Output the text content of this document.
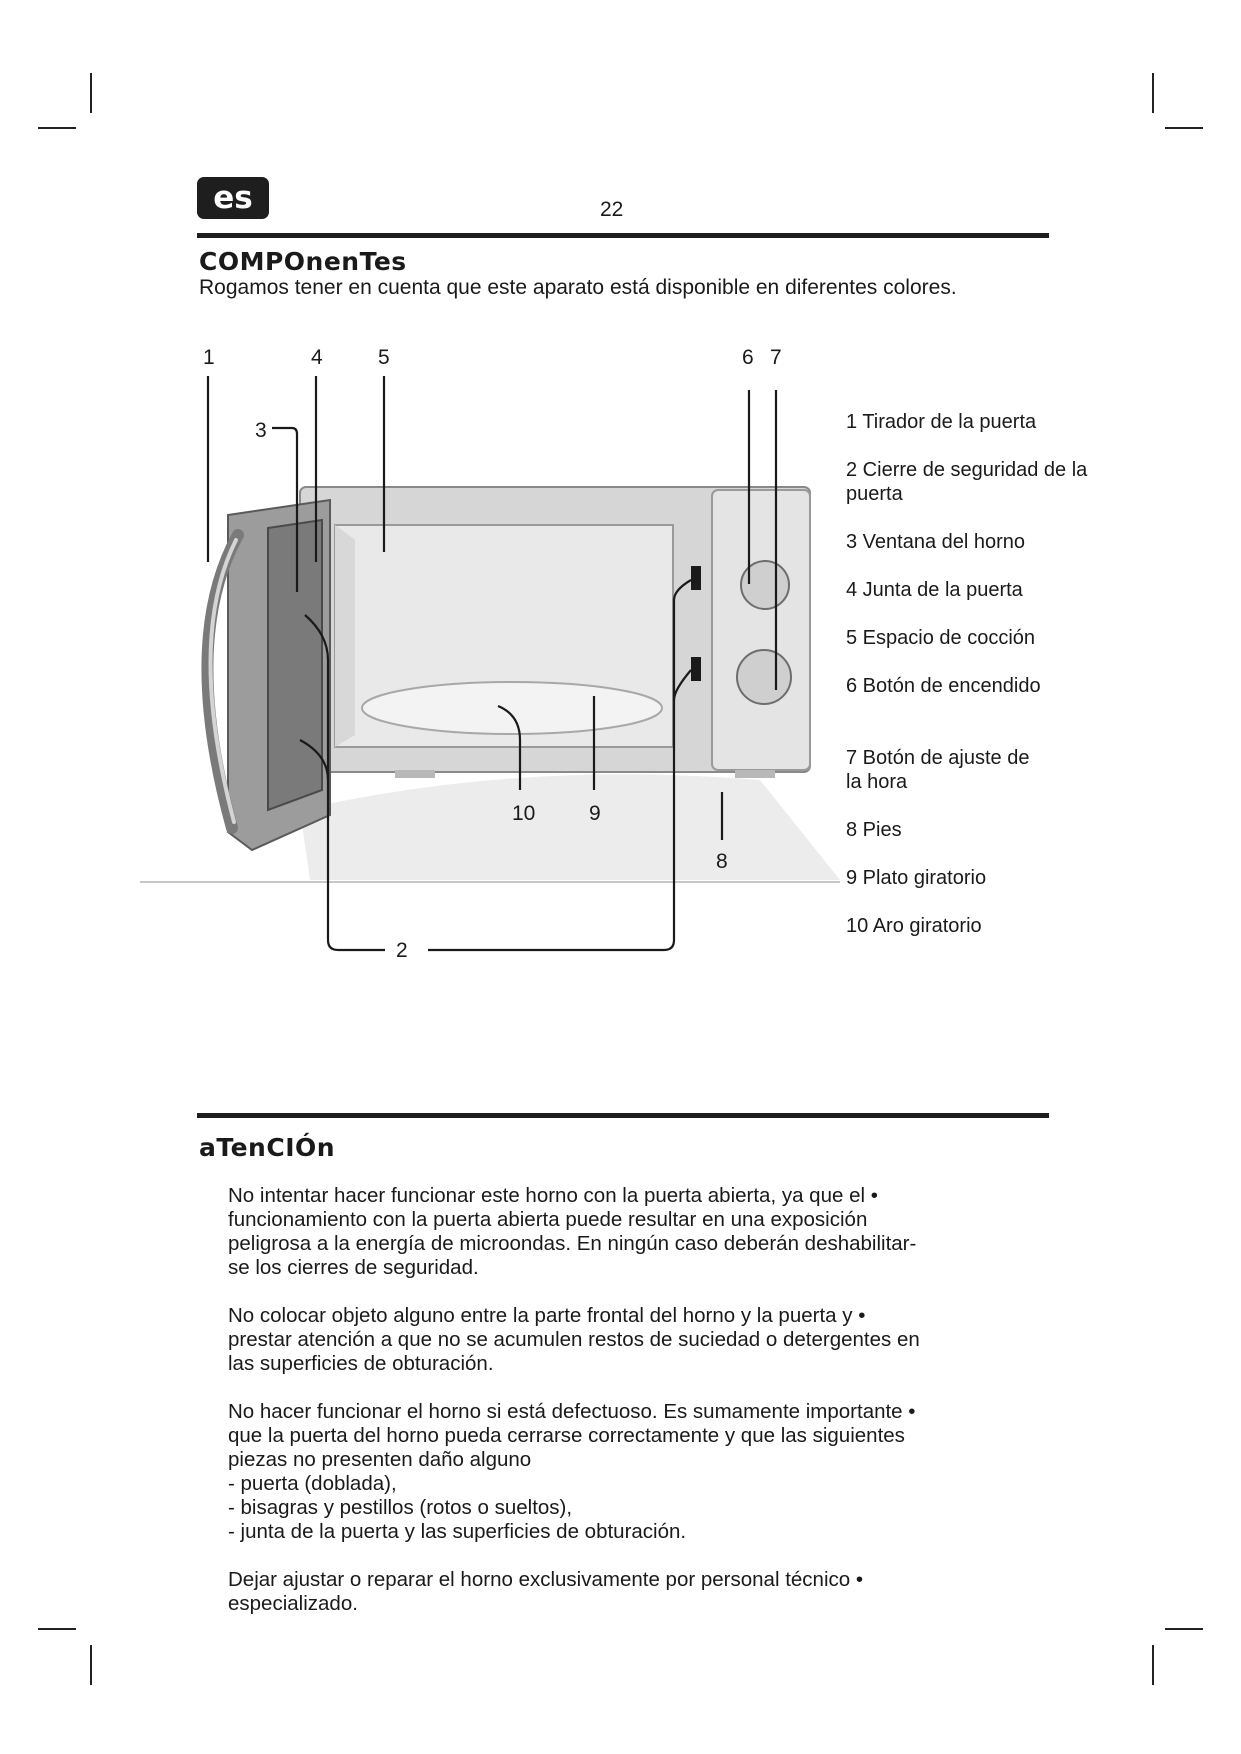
es	22
COMPOnenTes

Rogamos tener en cuenta que este aparato está disponible en diferentes colores.

1	4	5	6 7
3
10	9
8
2
1 Tirador de la puerta
2 Cierre de seguridad de la puerta
3 Ventana del horno
4 Junta de la puerta
5 Espacio de cocción
6 Botón de encendido
7 Botón de ajuste de la hora
8 Pies
9 Plato giratorio
10 Aro giratorio
aTenCIÓn

No intentar hacer funcionar este horno con la puerta abierta, ya que el •
funcionamiento con la puerta abierta puede resultar en una exposición
peligrosa a la energía de microondas. En ningún caso deberán deshabilitar-
se los cierres de seguridad.

No colocar objeto alguno entre la parte frontal del horno y la puerta y •
prestar atención a que no se acumulen restos de suciedad o detergentes en
las superficies de obturación.

No hacer funcionar el horno si está defectuoso. Es sumamente importante •
que la puerta del horno pueda cerrarse correctamente y que las siguientes
piezas no presenten daño alguno
- puerta (doblada),
- bisagras y pestillos (rotos o sueltos),
- junta de la puerta y las superficies de obturación.

Dejar ajustar o reparar el horno exclusivamente por personal técnico •
especializado.
